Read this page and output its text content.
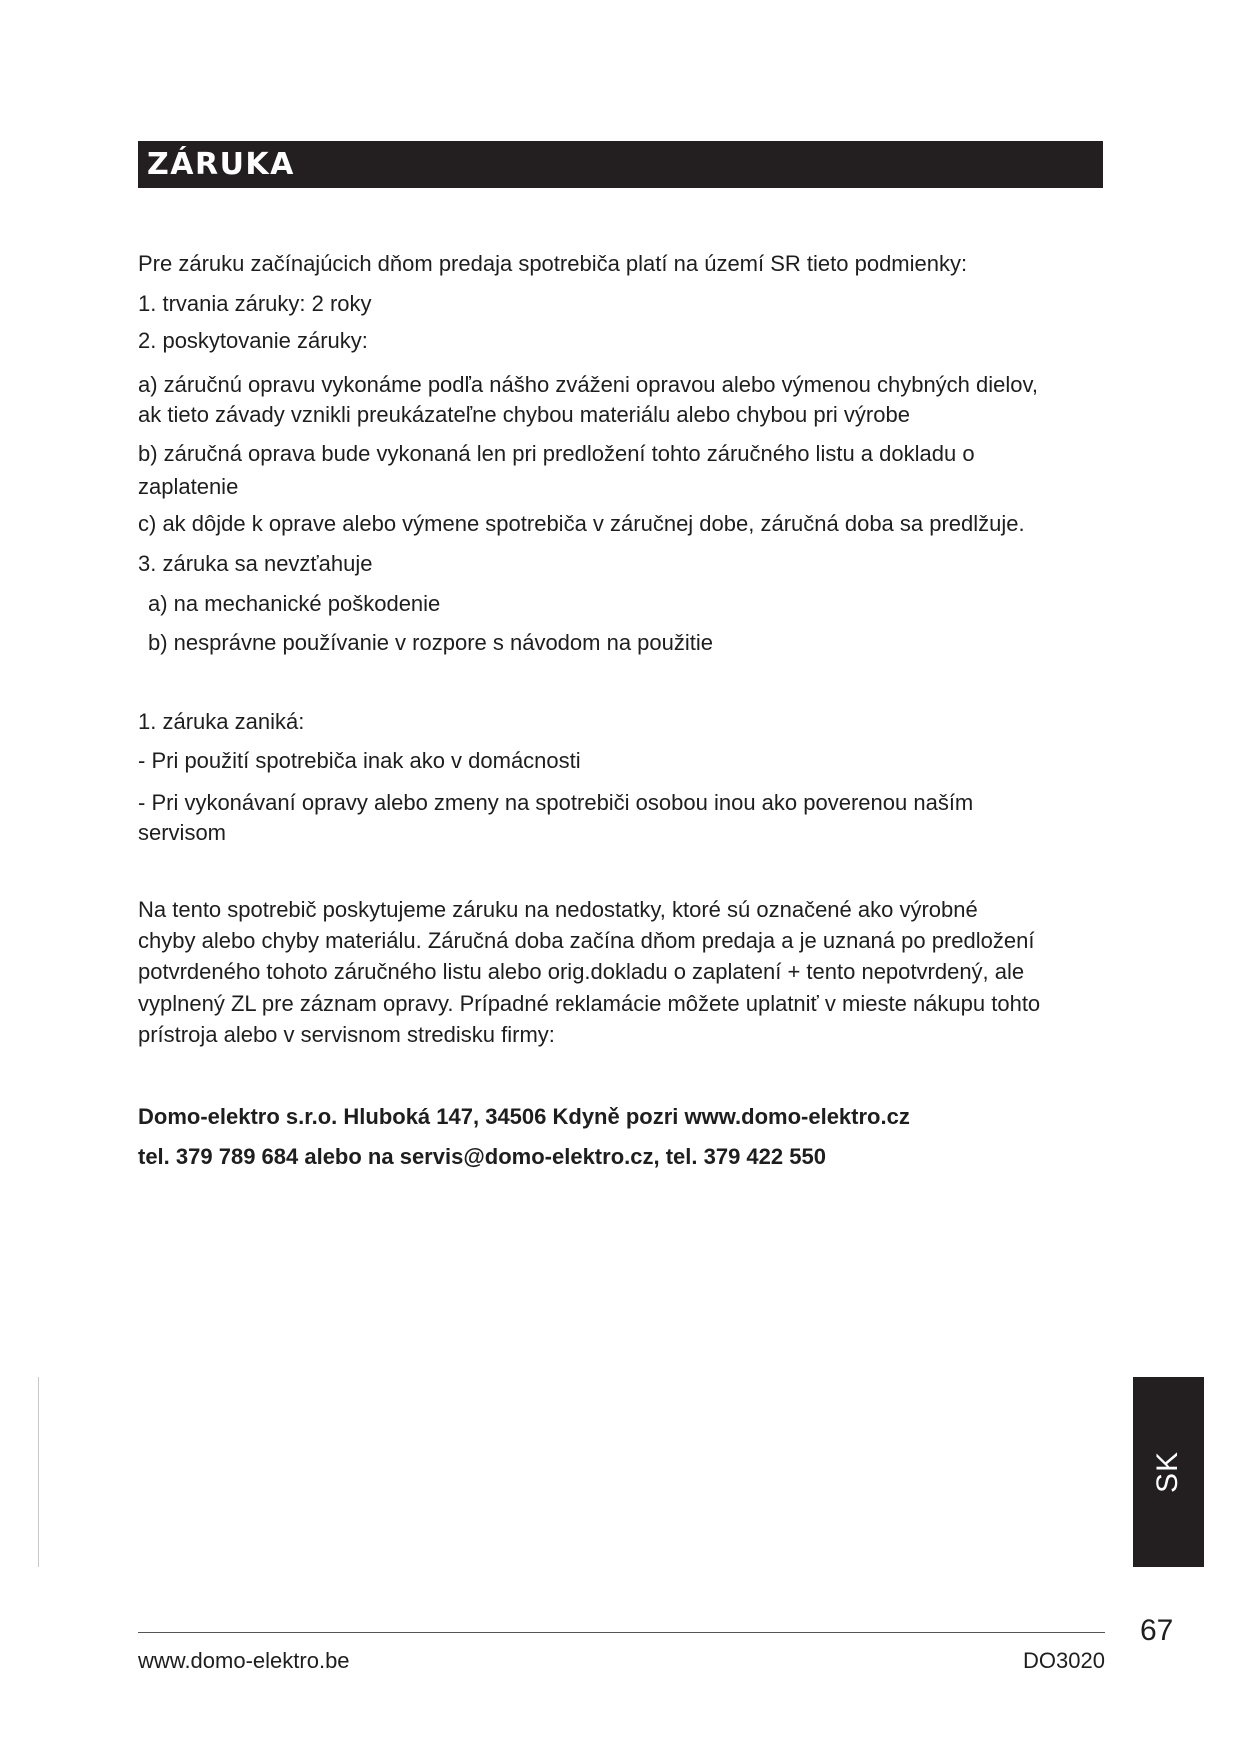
ZÁRUKA
Pre záruku začínajúcich dňom predaja spotrebiča platí na území SR tieto podmienky:
1. trvania záruky: 2 roky
2. poskytovanie záruky:
a) záručnú opravu vykonáme podľa nášho zváženi opravou alebo výmenou chybných dielov,
ak tieto závady vznikli preukázateľne chybou materiálu alebo chybou pri výrobe
b) záručná oprava bude vykonaná len pri predložení tohto záručného listu a dokladu o
zaplatenie
c) ak dôjde k oprave alebo výmene spotrebiča v záručnej dobe, záručná doba sa predlžuje.
3. záruka sa nevzťahuje
a) na mechanické poškodenie
b) nesprávne používanie v rozpore s návodom na použitie
1. záruka zaniká:
- Pri použití spotrebiča inak ako v domácnosti
- Pri vykonávaní opravy alebo zmeny na spotrebiči osobou inou ako poverenou naším
servisom
Na tento spotrebič poskytujeme záruku na nedostatky, ktoré sú označené ako výrobné
chyby alebo chyby materiálu. Záručná doba začína dňom predaja a je uznaná po predložení
potvrdeného tohoto záručného listu alebo orig.dokladu o zaplatení + tento nepotvrdený, ale
vyplnený ZL pre záznam opravy. Prípadné reklamácie môžete uplatniť v mieste nákupu tohto
prístroja alebo v servisnom stredisku firmy:
Domo-elektro s.r.o. Hluboká 147, 34506 Kdyně pozri www.domo-elektro.cz
tel. 379 789 684 alebo na servis@domo-elektro.cz, tel. 379 422 550
SK
67
www.domo-elektro.be	DO3020
